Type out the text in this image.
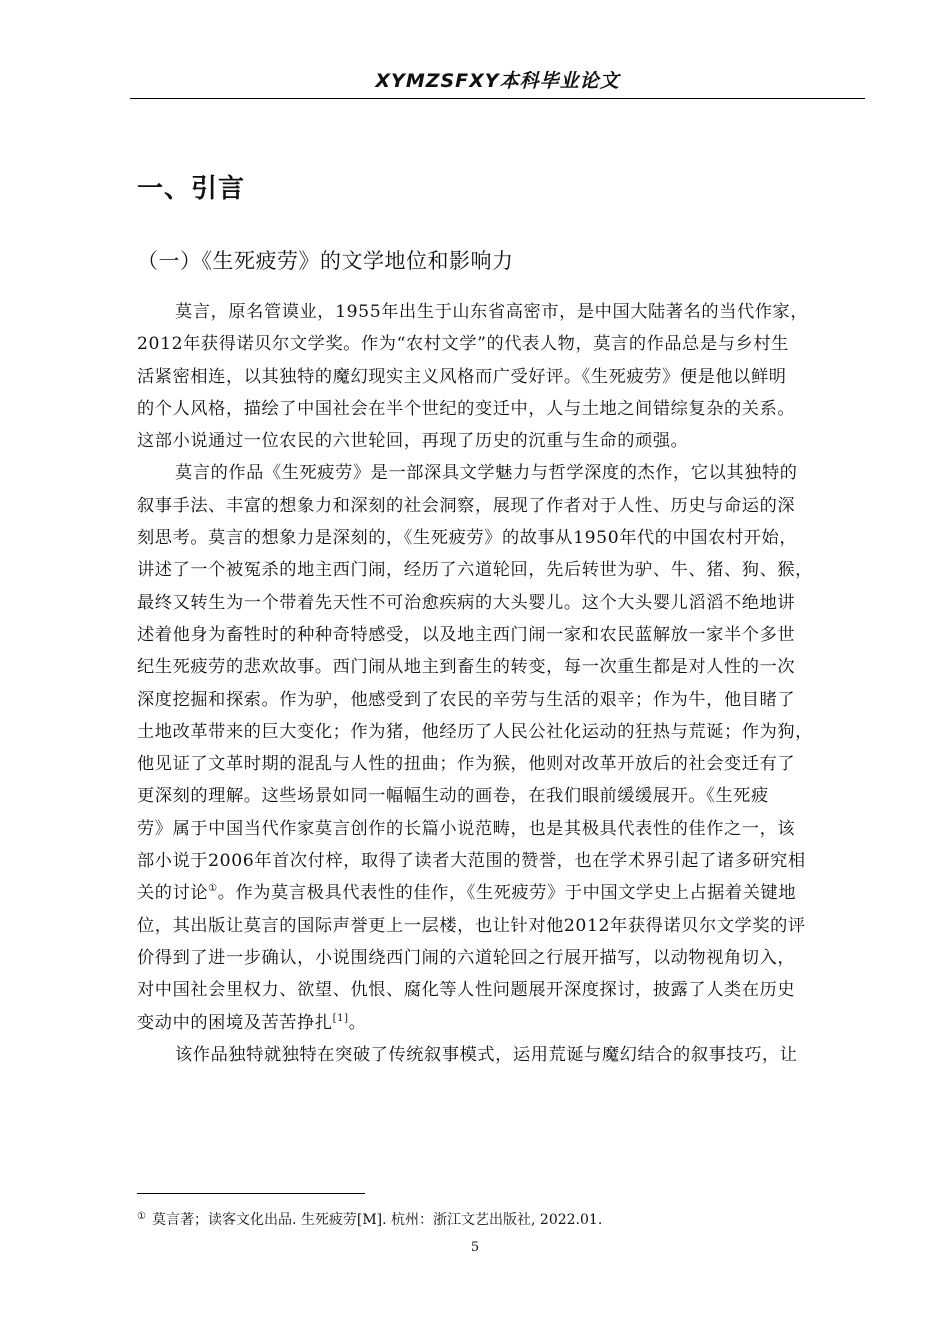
XYMZSFXY本科毕业论文
一、引言
（一）《生死疲劳》的文学地位和影响力
莫言，原名管谟业，1955年出生于山东省高密市，是中国大陆著名的当代作家，
2012年获得诺贝尔文学奖。作为“农村文学”的代表人物，莫言的作品总是与乡村生
活紧密相连，以其独特的魔幻现实主义风格而广受好评。《生死疲劳》便是他以鲜明
的个人风格，描绘了中国社会在半个世纪的变迁中，人与土地之间错综复杂的关系。
这部小说通过一位农民的六世轮回，再现了历史的沉重与生命的顽强。
莫言的作品《生死疲劳》是一部深具文学魅力与哲学深度的杰作，它以其独特的
叙事手法、丰富的想象力和深刻的社会洞察，展现了作者对于人性、历史与命运的深
刻思考。莫言的想象力是深刻的，《生死疲劳》的故事从1950年代的中国农村开始，
讲述了一个被冤杀的地主西门闹，经历了六道轮回，先后转世为驴、牛、猪、狗、猴，
最终又转生为一个带着先天性不可治愈疾病的大头婴儿。这个大头婴儿滔滔不绝地讲
述着他身为畜牲时的种种奇特感受，以及地主西门闹一家和农民蓝解放一家半个多世
纪生死疲劳的悲欢故事。西门闹从地主到畜生的转变，每一次重生都是对人性的一次
深度挖掘和探索。作为驴，他感受到了农民的辛劳与生活的艰辛；作为牛，他目睹了
土地改革带来的巨大变化；作为猪，他经历了人民公社化运动的狂热与荒诞；作为狗，
他见证了文革时期的混乱与人性的扭曲；作为猴，他则对改革开放后的社会变迁有了
更深刻的理解。这些场景如同一幅幅生动的画卷，在我们眼前缓缓展开。《生死疲
劳》属于中国当代作家莫言创作的长篇小说范畴，也是其极具代表性的佳作之一，该
部小说于2006年首次付梓，取得了读者大范围的赞誉，也在学术界引起了诸多研究相
关的讨论①。作为莫言极具代表性的佳作，《生死疲劳》于中国文学史上占据着关键地
位，其出版让莫言的国际声誉更上一层楼，也让针对他2012年获得诺贝尔文学奖的评
价得到了进一步确认，小说围绕西门闹的六道轮回之行展开描写，以动物视角切入，
对中国社会里权力、欲望、仇恨、腐化等人性问题展开深度探讨，披露了人类在历史
变动中的困境及苦苦挣扎[1]。
该作品独特就独特在突破了传统叙事模式，运用荒诞与魔幻结合的叙事技巧，让
① 莫言著；读客文化出品. 生死疲劳[M]. 杭州：浙江文艺出版社, 2022.01.
5
